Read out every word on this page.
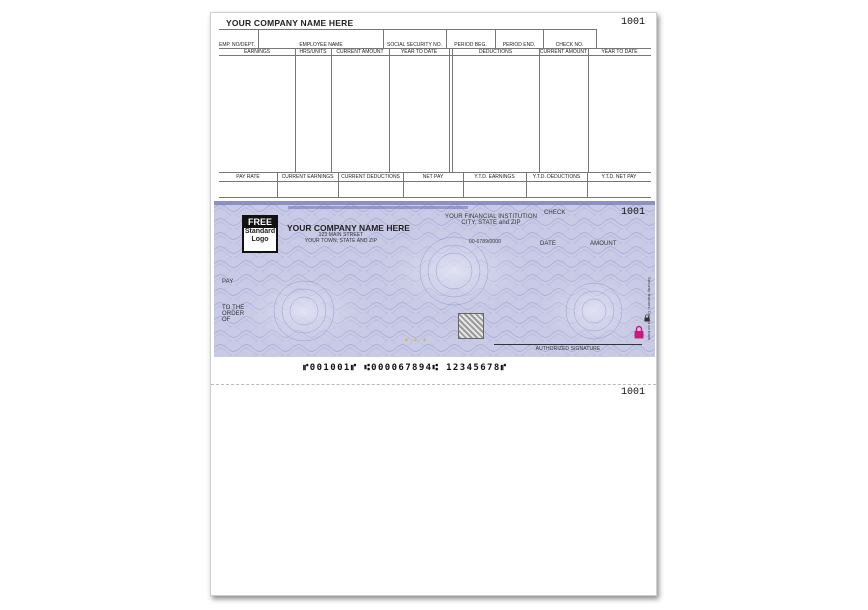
YOUR COMPANY NAME HERE	1001
EMP. NO/DEPT.	EMPLOYEE NAME	SOCIAL SECURITY NO.	PERIOD BEG.	PERIOD END.	CHECK NO.
EARNINGS	HRS/UNITS	CURRENT AMOUNT	YEAR TO DATE	DEDUCTIONS	CURRENT AMOUNT	YEAR TO DATE
PAY RATE	CURRENT EARNINGS	CURRENT DEDUCTIONS	NET PAY	Y.T.D. EARNINGS	Y.T.D. DEDUCTIONS	Y.T.D. NET PAY
FREE
Standard
Logo
YOUR COMPANY NAME HERE
123 MAIN STREET
YOUR TOWN, STATE AND ZIP
YOUR FINANCIAL INSTITUTION
CITY, STATE and ZIP
00-6789/0000
CHECK	1001
DATE	AMOUNT
PAY
TO THE
ORDER
OF
✦✦✦
AUTHORIZED SIGNATURE
Security features. Details on back.
⑈001001⑈ ⑆000067894⑆ 12345678⑈
1001
